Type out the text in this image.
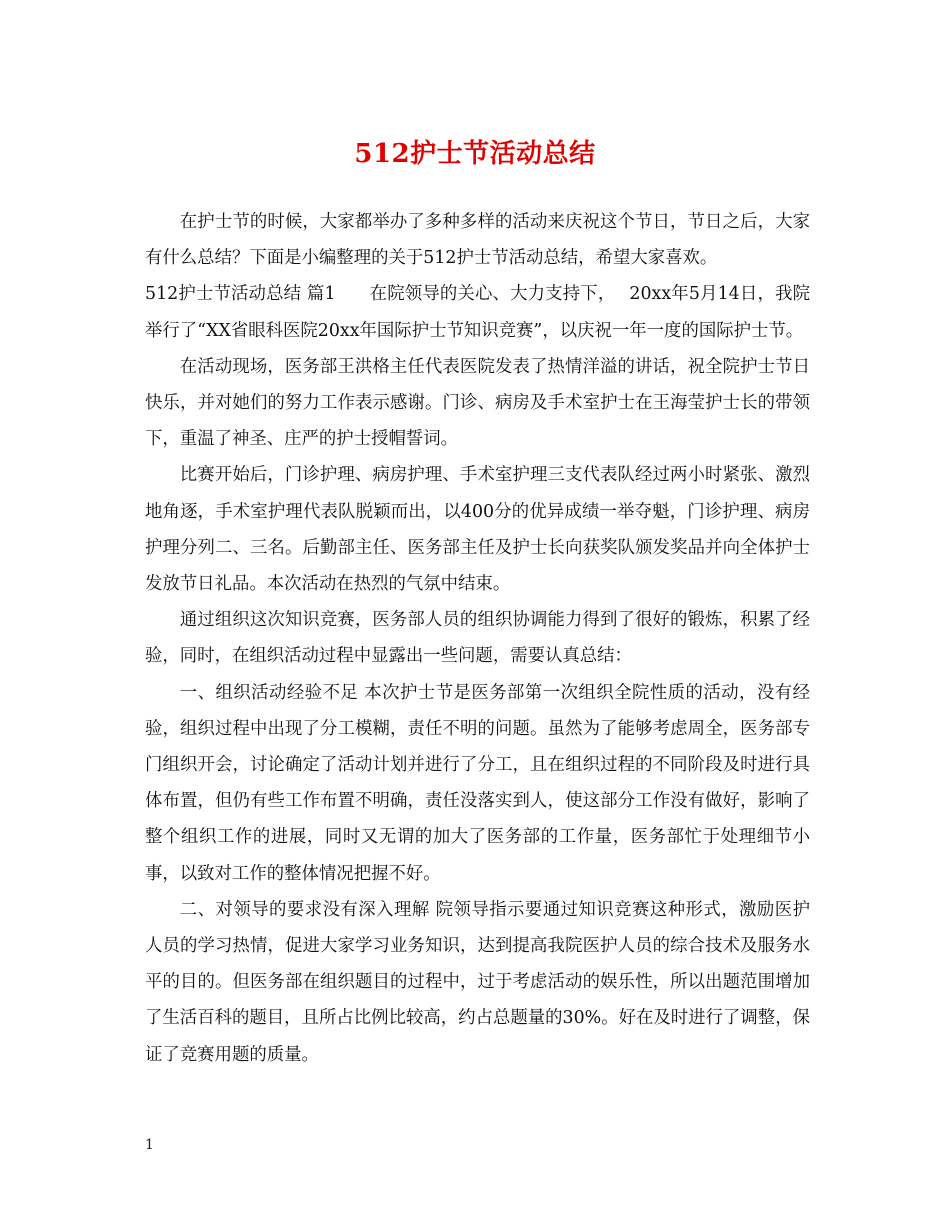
512护士节活动总结

在护士节的时候，大家都举办了多种多样的活动来庆祝这个节日，节日之后，大家有什么总结？下面是小编整理的关于512护士节活动总结，希望大家喜欢。

512护士节活动总结 篇1 在院领导的关心、大力支持下， 20xx年5月14日，我院举行了“XX省眼科医院20xx年国际护士节知识竞赛”，以庆祝一年一度的国际护士节。

在活动现场，医务部王洪格主任代表医院发表了热情洋溢的讲话，祝全院护士节日快乐，并对她们的努力工作表示感谢。门诊、病房及手术室护士在王海莹护士长的带领下，重温了神圣、庄严的护士授帽誓词。

比赛开始后，门诊护理、病房护理、手术室护理三支代表队经过两小时紧张、激烈地角逐，手术室护理代表队脱颖而出，以400分的优异成绩一举夺魁，门诊护理、病房护理分列二、三名。后勤部主任、医务部主任及护士长向获奖队颁发奖品并向全体护士发放节日礼品。本次活动在热烈的气氛中结束。

通过组织这次知识竞赛，医务部人员的组织协调能力得到了很好的锻炼，积累了经验，同时，在组织活动过程中显露出一些问题，需要认真总结：

一、组织活动经验不足 本次护士节是医务部第一次组织全院性质的活动，没有经验，组织过程中出现了分工模糊，责任不明的问题。虽然为了能够考虑周全，医务部专门组织开会，讨论确定了活动计划并进行了分工，且在组织过程的不同阶段及时进行具体布置，但仍有些工作布置不明确，责任没落实到人，使这部分工作没有做好，影响了整个组织工作的进展，同时又无谓的加大了医务部的工作量，医务部忙于处理细节小事，以致对工作的整体情况把握不好。

二、对领导的要求没有深入理解 院领导指示要通过知识竞赛这种形式，激励医护人员的学习热情，促进大家学习业务知识，达到提高我院医护人员的综合技术及服务水平的目的。但医务部在组织题目的过程中，过于考虑活动的娱乐性，所以出题范围增加了生活百科的题目，且所占比例比较高，约占总题量的30%。好在及时进行了调整，保证了竞赛用题的质量。

1
